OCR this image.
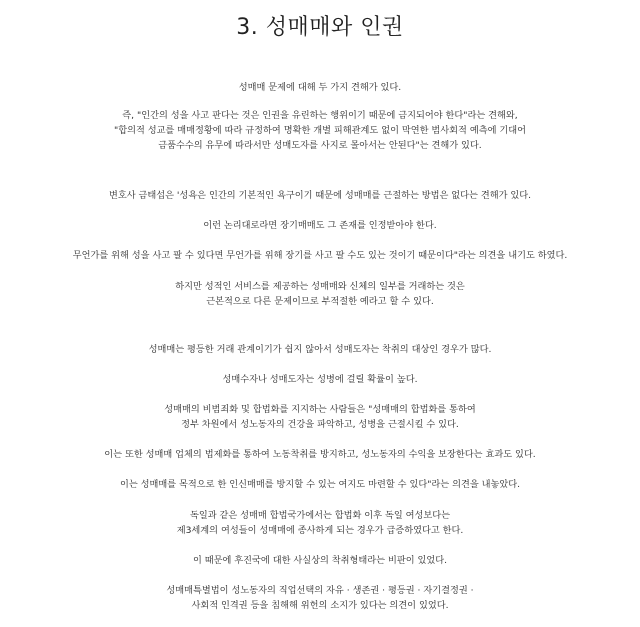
3. 성매매와 인권

성매매 문제에 대해 두 가지 견해가 있다.

즉, "인간의 성을 사고 판다는 것은 인권을 유린하는 행위이기 때문에 금지되어야 한다"라는 견해와,
"합의적 성교를 매매정황에 따라 규정하여 명확한 개별 피해관계도 없이 막연한 범사회적 예측에 기대어
금품수수의 유무에 따라서만 성매도자를 사지로 몰아서는 안된다"는 견해가 있다.

변호사 금태섭은 '성욕은 인간의 기본적인 욕구이기 때문에 성매매를 근절하는 방법은 없다는 견해가 있다.

이런 논리대로라면 장기매매도 그 존재를 인정받아야 한다.

무언가를 위해 성을 사고 팔 수 있다면 무언가를 위해 장기를 사고 팔 수도 있는 것이기 때문이다"라는 의견을 내기도 하였다.

하지만 성적인 서비스를 제공하는 성매매와 신체의 일부를 거래하는 것은
근본적으로 다른 문제이므로 부적절한 예라고 할 수 있다.

성매매는 평등한 거래 관계이기가 쉽지 않아서 성매도자는 착취의 대상인 경우가 많다.

성매수자나 성매도자는 성병에 걸릴 확률이 높다.

성매매의 비범죄화 및 합법화를 지지하는 사람들은 "성매매의 합법화를 통하여
정부 차원에서 성노동자의 건강을 파악하고, 성병을 근절시킬 수 있다.

이는 또한 성매매 업체의 법제화를 통하여 노동착취를 방지하고, 성노동자의 수익을 보장한다는 효과도 있다.

이는 성매매를 목적으로 한 인신매매를 방지할 수 있는 여지도 마련할 수 있다"라는 의견을 내놓았다.

독일과 같은 성매매 합법국가에서는 합법화 이후 독일 여성보다는
제3세계의 여성들이 성매매에 종사하게 되는 경우가 급증하였다고 한다.

이 때문에 후진국에 대한 사실상의 착취형태라는 비판이 있었다.

성매매특별법이 성노동자의 직업선택의 자유 · 생존권 · 평등권 · 자기결정권 ·
사회적 인격권 등을 침해해 위헌의 소지가 있다는 의견이 있었다.
